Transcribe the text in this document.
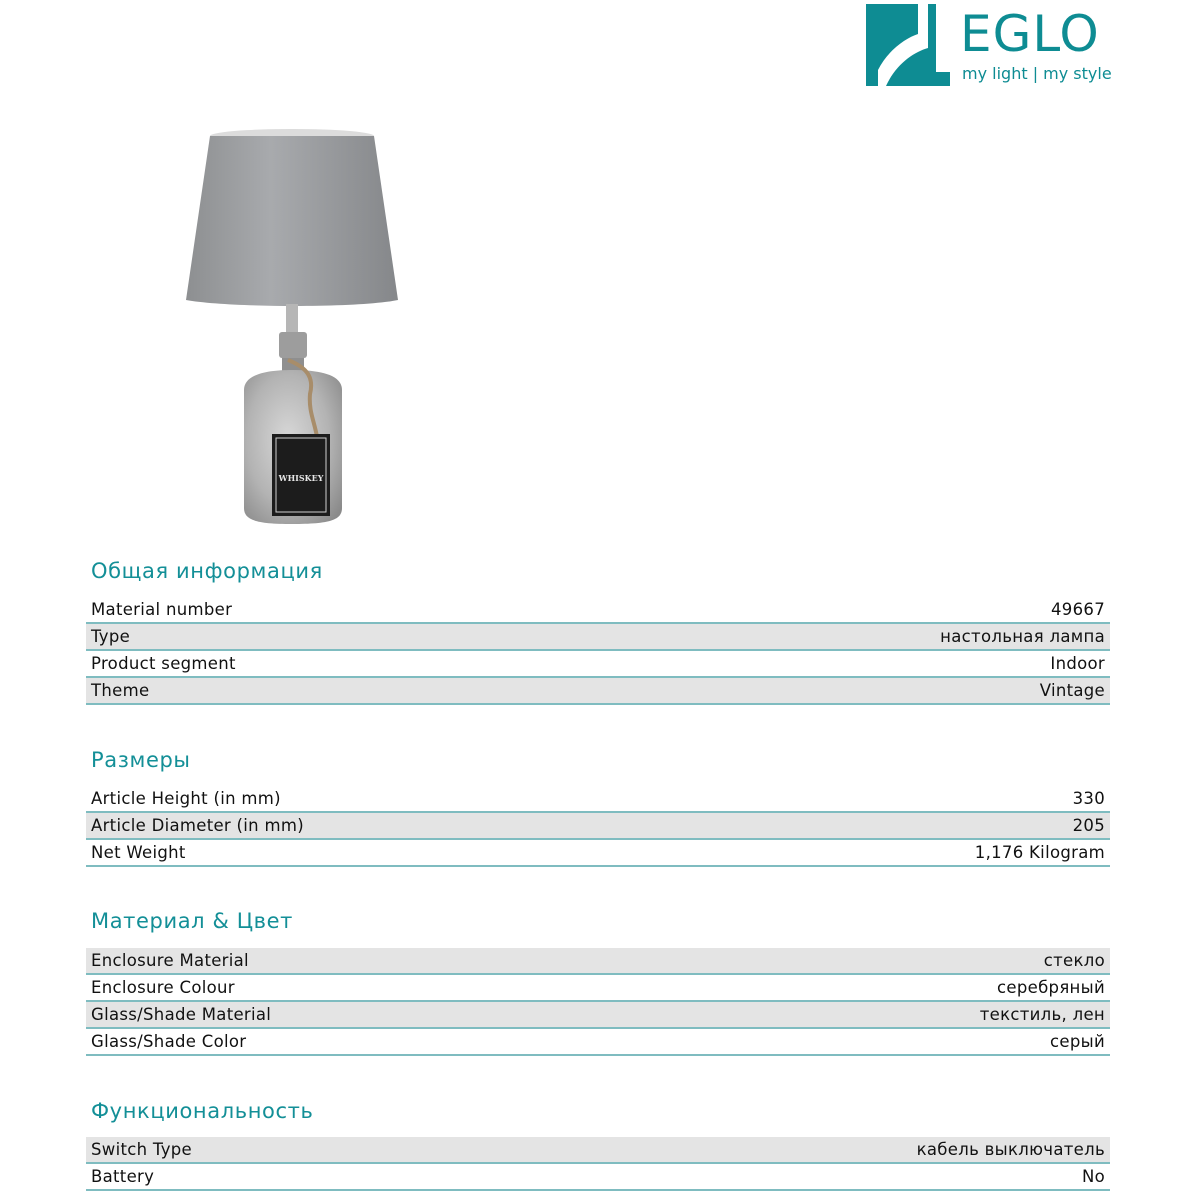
EGLO
my light | my style
WHISKEY
Общая информация
Material number	49667
Type	настольная лампа
Product segment	Indoor
Theme	Vintage
Размеры
Article Height (in mm)	330
Article Diameter (in mm)	205
Net Weight	1,176 Kilogram
Материал & Цвет
Enclosure Material	стекло
Enclosure Colour	серебряный
Glass/Shade Material	текстиль, лен
Glass/Shade Color	серый
Функциональность
Switch Type	кабель выключатель
Battery	No
